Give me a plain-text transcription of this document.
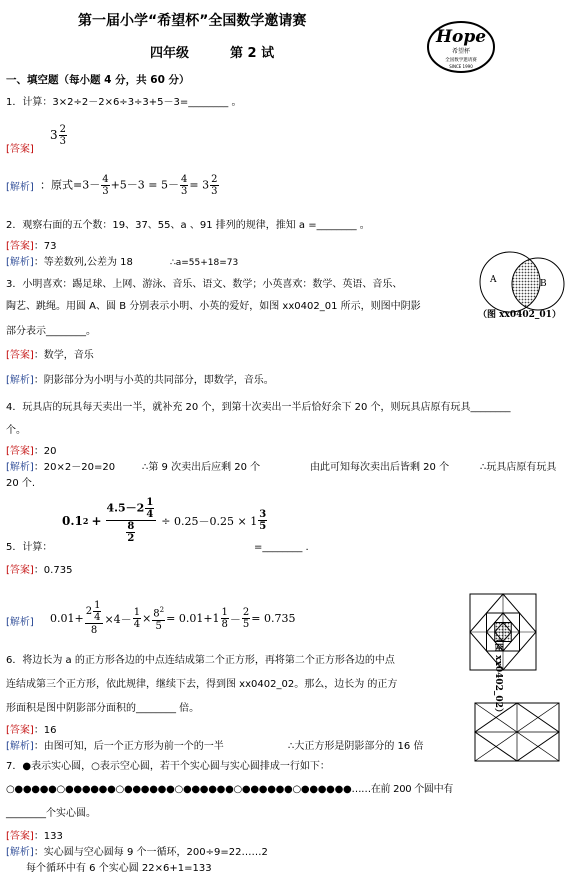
第一届小学“希望杯”全国数学邀请赛
四年级	第 2 试
Hope
希望杯
全国数学邀请赛
SINCE 1990
一、填空题（每小题 4 分，共 60 分）
1．计算：3×2÷2－2×6÷3÷3+5－3=________ 。
[答案]
$3 \frac{2}{3}$
[解析] ：原式$=3- \frac{4}{3} +5-3 = 5- \frac{4}{3} = 3 \frac{2}{3}$
2．观察右面的五个数：19、37、55、a 、91 排列的规律，推知 a =________ 。
[答案]：73
[解析]：等差数列,公差为 18	∴a=55+18=73
3．小明喜欢：踢足球、上网、游泳、音乐、语文、数学；小英喜欢：数学、英语、音乐、
陶艺、跳绳。用圆 A、圆 B 分别表示小明、小英的爱好，如图 xx0402_01 所示，则图中阴影
部分表示________。
[答案]：数学，音乐
[解析]：阴影部分为小明与小英的共同部分，即数学，音乐。
A	B
（图 xx0402_01）
4．玩具店的玩具每天卖出一半，就补充 20 个，到第十次卖出一半后恰好余下 20 个，则玩具店原有玩具________
个。
[答案]：20
[解析]：20×2－20=20	∴第 9 次卖出后应剩 20 个	由此可知每次卖出后皆剩 20 个	∴玩具店原有玩具
20 个.
0.1 $2 + \frac{4.5-2 \frac{1}{4}}{\frac{8}{2}} \div 0.25-0.25 \times 1 \frac{3}{5}$
5．计算：	=________ .
[答案]：0.735
[解析] $0.01+ \frac{2 \frac{1}{4}}{8} \times 4- \frac{1}{4} \times \frac{8^2}{5} = 0.01+1 \frac{1}{8} - \frac{2}{5} = 0.735$
（图 xx0402_02）
6．将边长为 a 的正方形各边的中点连结成第二个正方形，再将第二个正方形各边的中点
连结成第三个正方形，依此规律，继续下去，得到图 xx0402_02。那么，边长为 的正方
形面积是图中阴影部分面积的________ 倍。
[答案]：16
[解析]：由图可知，后一个正方形为前一个的一半	∴大正方形是阴影部分的 16 倍
7．●表示实心圆，○表示空心圆，若干个实心圆与实心圆排成一行如下：
○●●●●●○●●●●●●○●●●●●●○●●●●●●○●●●●●●○●●●●●●……在前 200 个圆中有
________个实心圆。
[答案]：133
[解析]：实心圆与空心圆每 9 个一循环，200÷9=22……2
每个循环中有 6 个实心圆 22×6+1=133
